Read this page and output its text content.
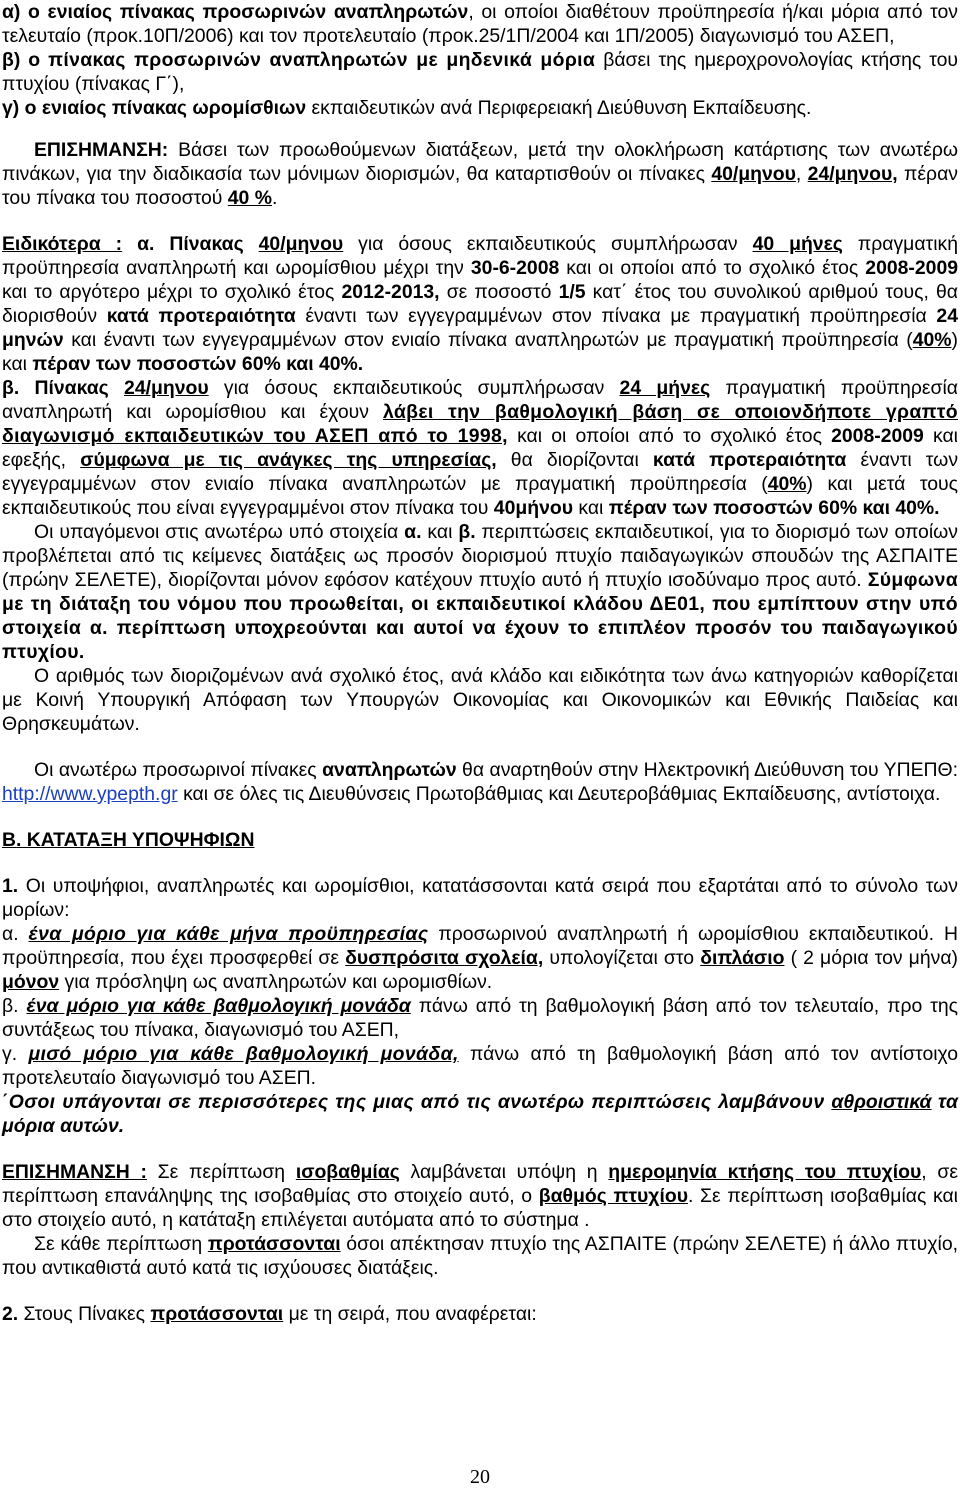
α) ο ενιαίος πίνακας προσωρινών αναπληρωτών, οι οποίοι διαθέτουν προϋπηρεσία ή/και μόρια από τον τελευταίο (προκ.10Π/2006) και τον προτελευταίο (προκ.25/1Π/2004 και 1Π/2005) διαγωνισμό του ΑΣΕΠ,

β) ο πίνακας προσωρινών αναπληρωτών με μηδενικά μόρια βάσει της ημεροχρονολογίας κτήσης του πτυχίου (πίνακας Γ΄),

γ) ο ενιαίος πίνακας ωρομίσθιων εκπαιδευτικών ανά Περιφερειακή Διεύθυνση Εκπαίδευσης.

ΕΠΙΣΗΜΑΝΣΗ: Βάσει των προωθούμενων διατάξεων, μετά την ολοκλήρωση κατάρτισης των ανωτέρω πινάκων, για την διαδικασία των μόνιμων διορισμών, θα καταρτισθούν οι πίνακες 40/μηνου, 24/μηνου, πέραν του πίνακα του ποσοστού 40 %.

Ειδικότερα : α. Πίνακας 40/μηνου για όσους εκπαιδευτικούς συμπλήρωσαν 40 μήνες πραγματική προϋπηρεσία αναπληρωτή και ωρομίσθιου μέχρι την 30-6-2008 και οι οποίοι από το σχολικό έτος 2008-2009 και το αργότερο μέχρι το σχολικό έτος 2012-2013, σε ποσοστό 1/5 κατ΄ έτος του συνολικού αριθμού τους, θα διορισθούν κατά προτεραιότητα έναντι των εγγεγραμμένων στον πίνακα με πραγματική προϋπηρεσία 24 μηνών και έναντι των εγγεγραμμένων στον ενιαίο πίνακα αναπληρωτών με πραγματική προϋπηρεσία (40%) και πέραν των ποσοστών 60% και 40%.

β. Πίνακας 24/μηνου για όσους εκπαιδευτικούς συμπλήρωσαν 24 μήνες πραγματική προϋπηρεσία αναπληρωτή και ωρομίσθιου και έχουν λάβει την βαθμολογική βάση σε οποιονδήποτε γραπτό διαγωνισμό εκπαιδευτικών του ΑΣΕΠ από το 1998, και οι οποίοι από το σχολικό έτος 2008-2009 και εφεξής, σύμφωνα με τις ανάγκες της υπηρεσίας, θα διορίζονται κατά προτεραιότητα έναντι των εγγεγραμμένων στον ενιαίο πίνακα αναπληρωτών με πραγματική προϋπηρεσία (40%) και μετά τους εκπαιδευτικούς που είναι εγγεγραμμένοι στον πίνακα του 40μήνου και πέραν των ποσοστών 60% και 40%.

Οι υπαγόμενοι στις ανωτέρω υπό στοιχεία α. και β. περιπτώσεις εκπαιδευτικοί, για το διορισμό των οποίων προβλέπεται από τις κείμενες διατάξεις ως προσόν διορισμού πτυχίο παιδαγωγικών σπουδών της ΑΣΠΑΙΤΕ (πρώην ΣΕΛΕΤΕ), διορίζονται μόνον εφόσον κατέχουν πτυχίο αυτό ή πτυχίο ισοδύναμο προς αυτό. Σύμφωνα με τη διάταξη του νόμου που προωθείται, οι εκπαιδευτικοί κλάδου ΔΕ01, που εμπίπτουν στην υπό στοιχεία α. περίπτωση υποχρεούνται και αυτοί να έχουν το επιπλέον προσόν του παιδαγωγικού πτυχίου.

Ο αριθμός των διοριζομένων ανά σχολικό έτος, ανά κλάδο και ειδικότητα των άνω κατηγοριών καθορίζεται με Κοινή Υπουργική Απόφαση των Υπουργών Οικονομίας και Οικονομικών και Εθνικής Παιδείας και Θρησκευμάτων.

Οι ανωτέρω προσωρινοί πίνακες αναπληρωτών θα αναρτηθούν στην Ηλεκτρονική Διεύθυνση του ΥΠΕΠΘ: http://www.ypepth.gr και σε όλες τις Διευθύνσεις Πρωτοβάθμιας και Δευτεροβάθμιας Εκπαίδευσης, αντίστοιχα.

Β. ΚΑΤΑΤΑΞΗ ΥΠΟΨΗΦΙΩΝ

1. Οι υποψήφιοι, αναπληρωτές και ωρομίσθιοι, κατατάσσονται κατά σειρά που εξαρτάται από το σύνολο των μορίων:

α. ένα μόριο για κάθε μήνα προϋπηρεσίας προσωρινού αναπληρωτή ή ωρομίσθιου εκπαιδευτικού. Η προϋπηρεσία, που έχει προσφερθεί σε δυσπρόσιτα σχολεία, υπολογίζεται στο διπλάσιο ( 2 μόρια τον μήνα) μόνον για πρόσληψη ως αναπληρωτών και ωρομισθίων.

β. ένα μόριο για κάθε βαθμολογική μονάδα πάνω από τη βαθμολογική βάση από τον τελευταίο, πρo της συντάξεως του πίνακα, διαγωνισμό του ΑΣΕΠ,

γ. μισό μόριο για κάθε βαθμολογική μονάδα, πάνω από τη βαθμολογική βάση από τον αντίστοιχο προτελευταίο διαγωνισμό του ΑΣΕΠ.

΄Οσοι υπάγονται σε περισσότερες της μιας από τις ανωτέρω περιπτώσεις λαμβάνουν αθροιστικά τα μόρια αυτών.

ΕΠΙΣΗΜΑΝΣΗ : Σε περίπτωση ισοβαθμίας λαμβάνεται υπόψη η ημερομηνία κτήσης του πτυχίου, σε περίπτωση επανάληψης της ισοβαθμίας στο στοιχείο αυτό, ο βαθμός πτυχίου. Σε περίπτωση ισοβαθμίας και στο στοιχείο αυτό, η κατάταξη επιλέγεται αυτόματα από το σύστημα .

Σε κάθε περίπτωση προτάσσονται όσοι απέκτησαν πτυχίο της ΑΣΠΑΙΤΕ (πρώην ΣΕΛΕΤΕ) ή άλλο πτυχίο, που αντικαθιστά αυτό κατά τις ισχύουσες διατάξεις.

2. Στους Πίνακες προτάσσονται με τη σειρά, που αναφέρεται:

20
